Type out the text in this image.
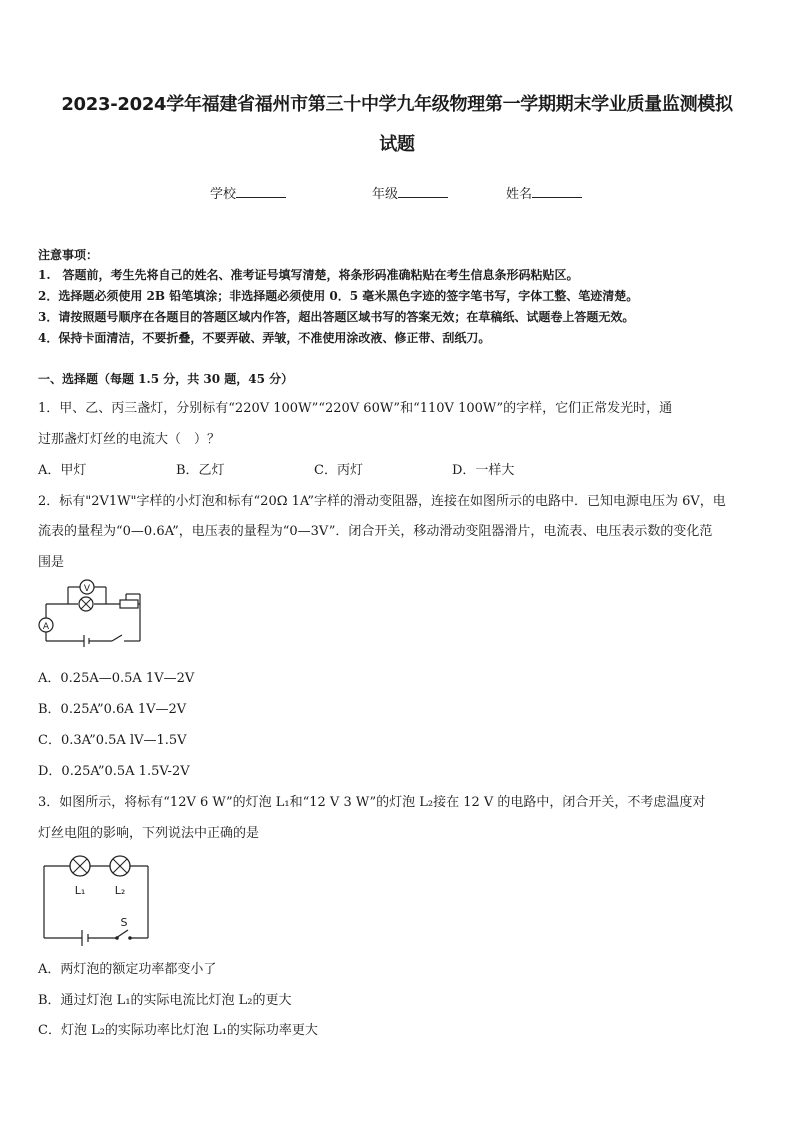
2023-2024学年福建省福州市第三十中学九年级物理第一学期期末学业质量监测模拟
试题
学校	年级	姓名
注意事项：
1.　答题前，考生先将自己的姓名、准考证号填写清楚，将条形码准确粘贴在考生信息条形码粘贴区。
2．选择题必须使用 2B 铅笔填涂；非选择题必须使用 0．5 毫米黑色字迹的签字笔书写，字体工整、笔迹清楚。
3．请按照题号顺序在各题目的答题区域内作答，超出答题区域书写的答案无效；在草稿纸、试题卷上答题无效。
4．保持卡面清洁，不要折叠，不要弄破、弄皱，不准使用涂改液、修正带、刮纸刀。
一、选择题（每题 1.5 分，共 30 题，45 分）
1．甲、乙、丙三盏灯，分别标有“220V 100W”“220V 60W”和“110V 100W”的字样，它们正常发光时，通
过那盏灯灯丝的电流大（　）？
A．甲灯	B．乙灯	C．丙灯	D．一样大
2．标有"2V1W"字样的小灯泡和标有“20Ω 1A”字样的滑动变阻器，连接在如图所示的电路中．已知电源电压为 6V，电
流表的量程为“0—0.6A”，电压表的量程为“0—3V”．闭合开关，移动滑动变阻器滑片，电流表、电压表示数的变化范
围是
V
A
A．0.25A—0.5A 1V—2V
B．0.25A”0.6A 1V—2V
C．0.3A”0.5A lV—1.5V
D．0.25A”0.5A 1.5V-2V
3．如图所示，将标有“12V 6 W”的灯泡 L₁和“12 V 3 W”的灯泡 L₂接在 12 V 的电路中，闭合开关，不考虑温度对
灯丝电阻的影响，下列说法中正确的是
L₁	L₂
S
A．两灯泡的额定功率都变小了
B．通过灯泡 L₁的实际电流比灯泡 L₂的更大
C．灯泡 L₂的实际功率比灯泡 L₁的实际功率更大
